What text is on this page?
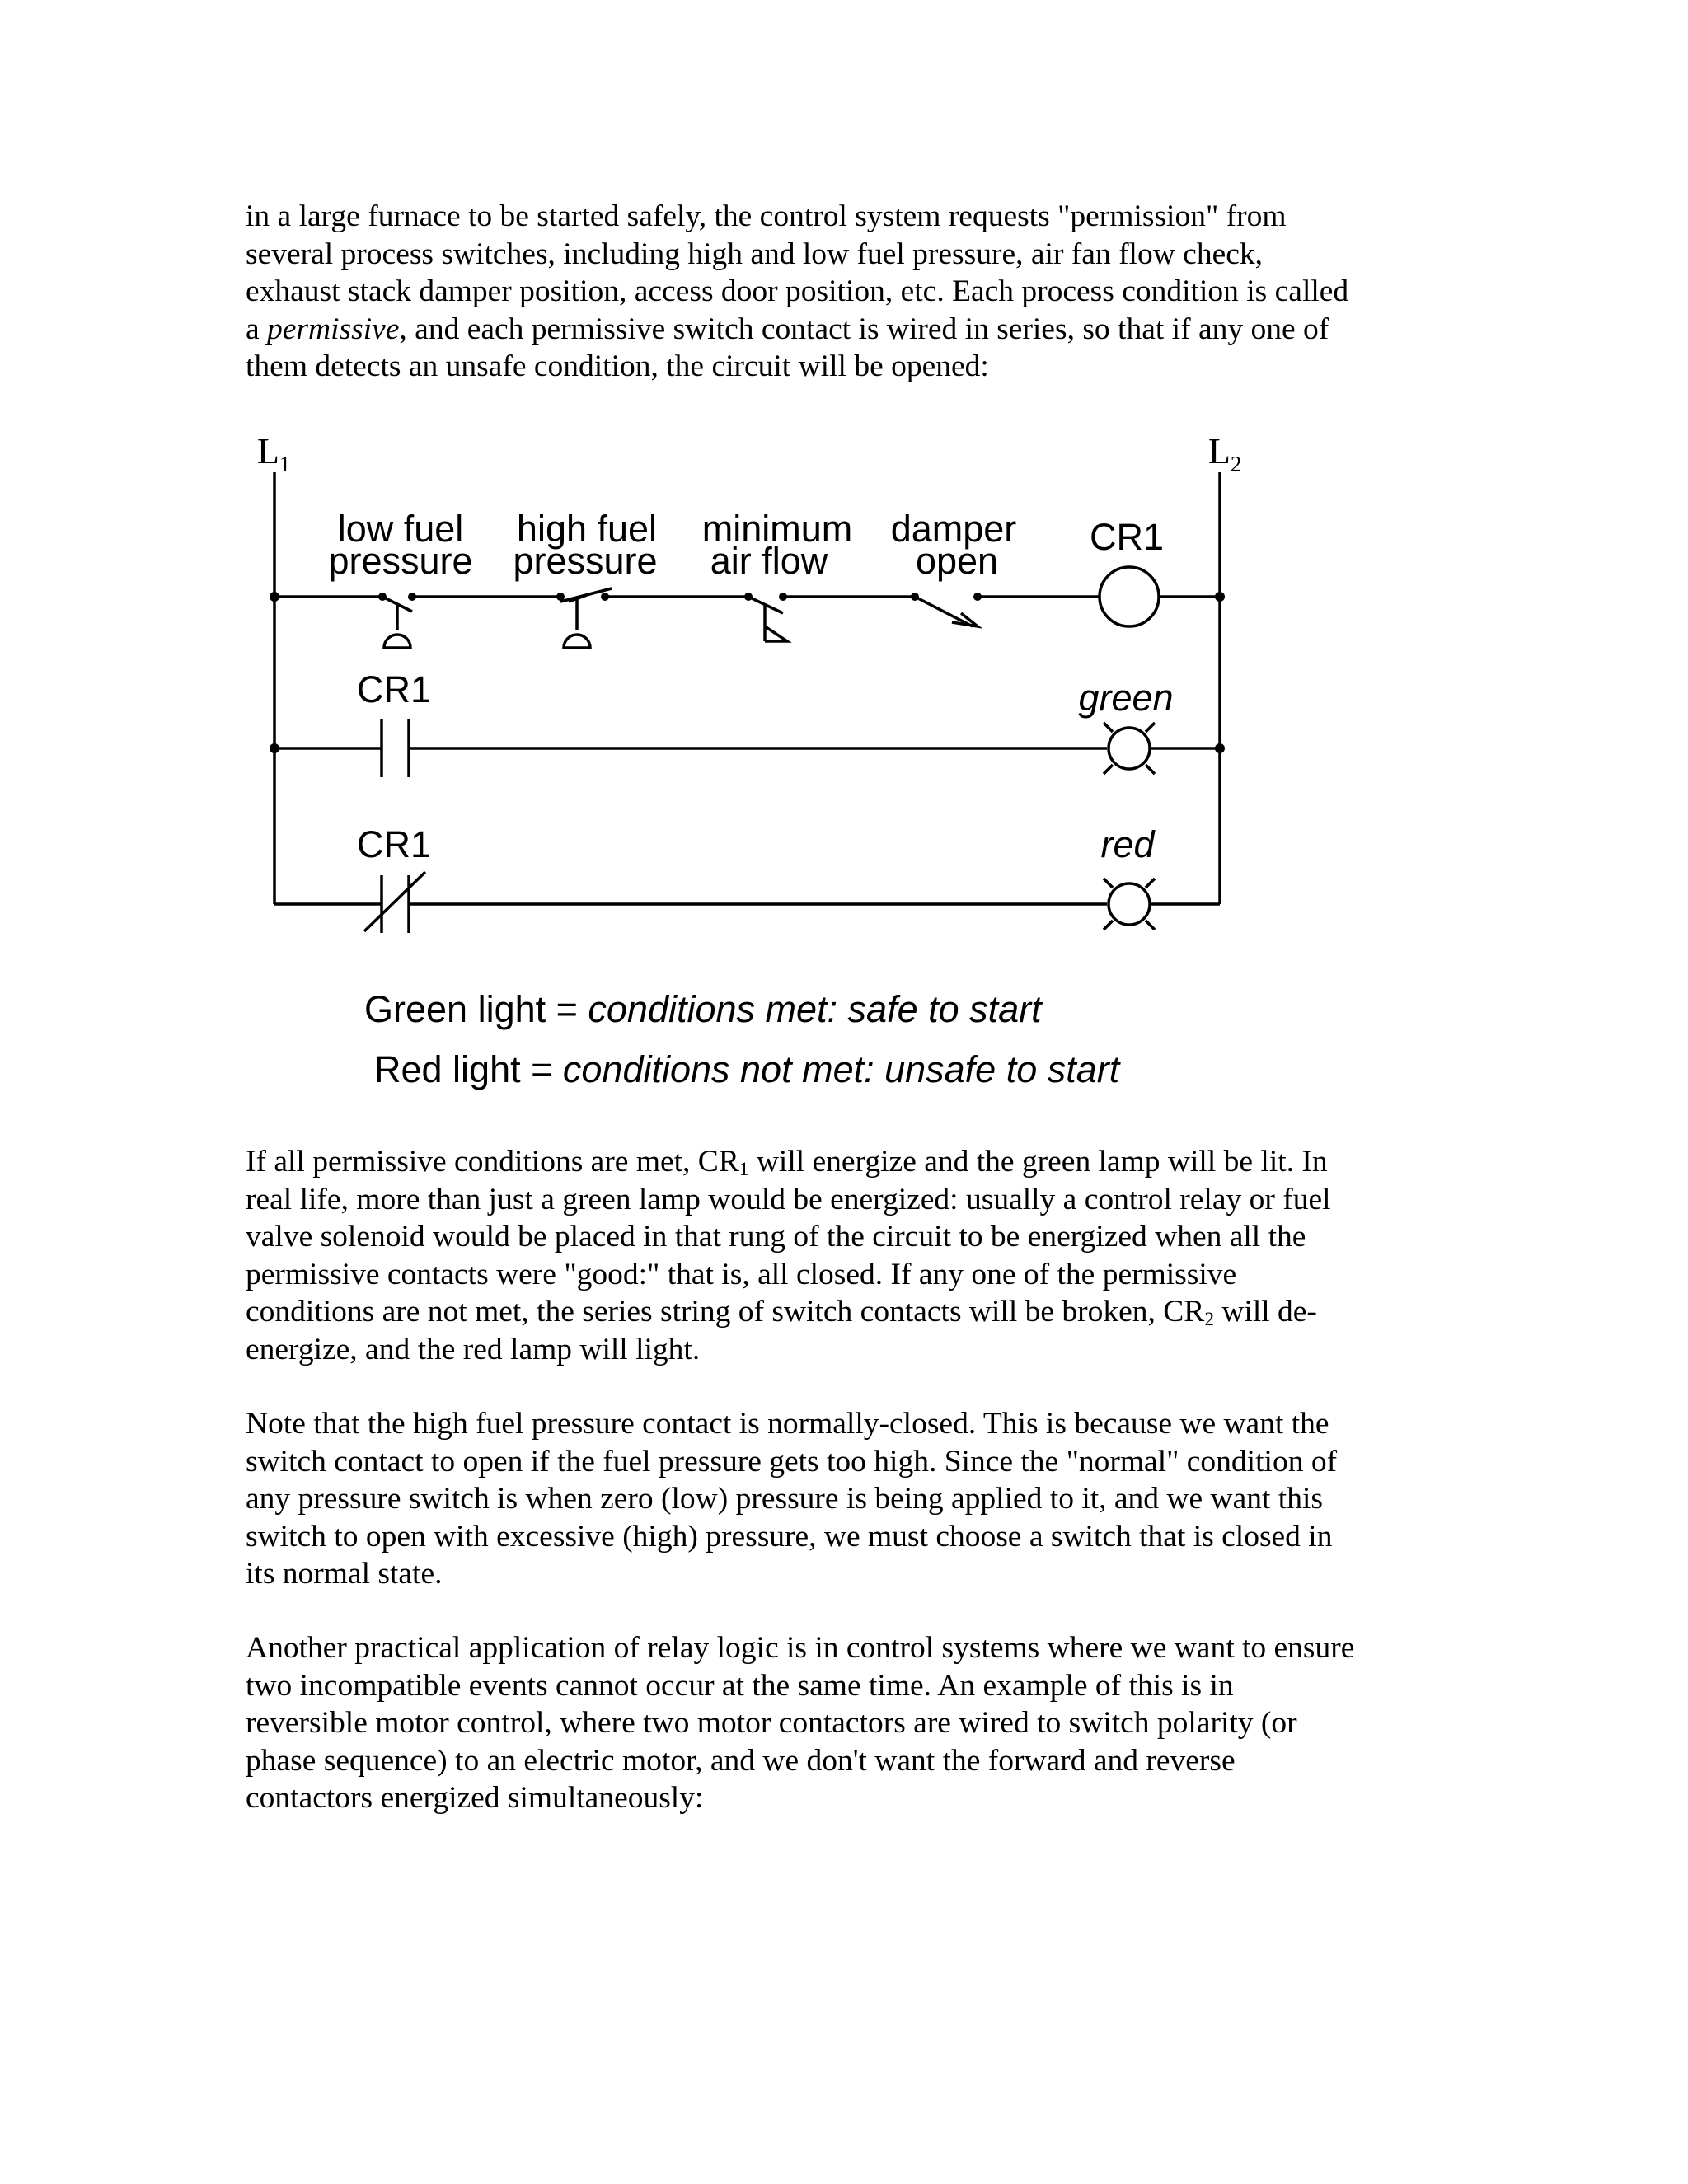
in a large furnace to be started safely, the control system requests "permission" from
several process switches, including high and low fuel pressure, air fan flow check,
exhaust stack damper position, access door position, etc. Each process condition is called
a permissive, and each permissive switch contact is wired in series, so that if any one of
them detects an unsafe condition, the circuit will be opened:
$L_1$	$L_2$
low fuel
pressure
high fuel
pressure
minimum
air flow
damper
open
CR1
CR1	green
CR1	red
Green light = conditions met: safe to start
Red light = conditions not met: unsafe to start
If all permissive conditions are met, $CR_1$ will energize and the green lamp will be lit. In
real life, more than just a green lamp would be energized: usually a control relay or fuel
valve solenoid would be placed in that rung of the circuit to be energized when all the
permissive contacts were "good:" that is, all closed. If any one of the permissive
conditions are not met, the series string of switch contacts will be broken, $CR_2$ will de-
energize, and the red lamp will light.
Note that the high fuel pressure contact is normally-closed. This is because we want the
switch contact to open if the fuel pressure gets too high. Since the "normal" condition of
any pressure switch is when zero (low) pressure is being applied to it, and we want this
switch to open with excessive (high) pressure, we must choose a switch that is closed in
its normal state.
Another practical application of relay logic is in control systems where we want to ensure
two incompatible events cannot occur at the same time. An example of this is in
reversible motor control, where two motor contactors are wired to switch polarity (or
phase sequence) to an electric motor, and we don't want the forward and reverse
contactors energized simultaneously:
